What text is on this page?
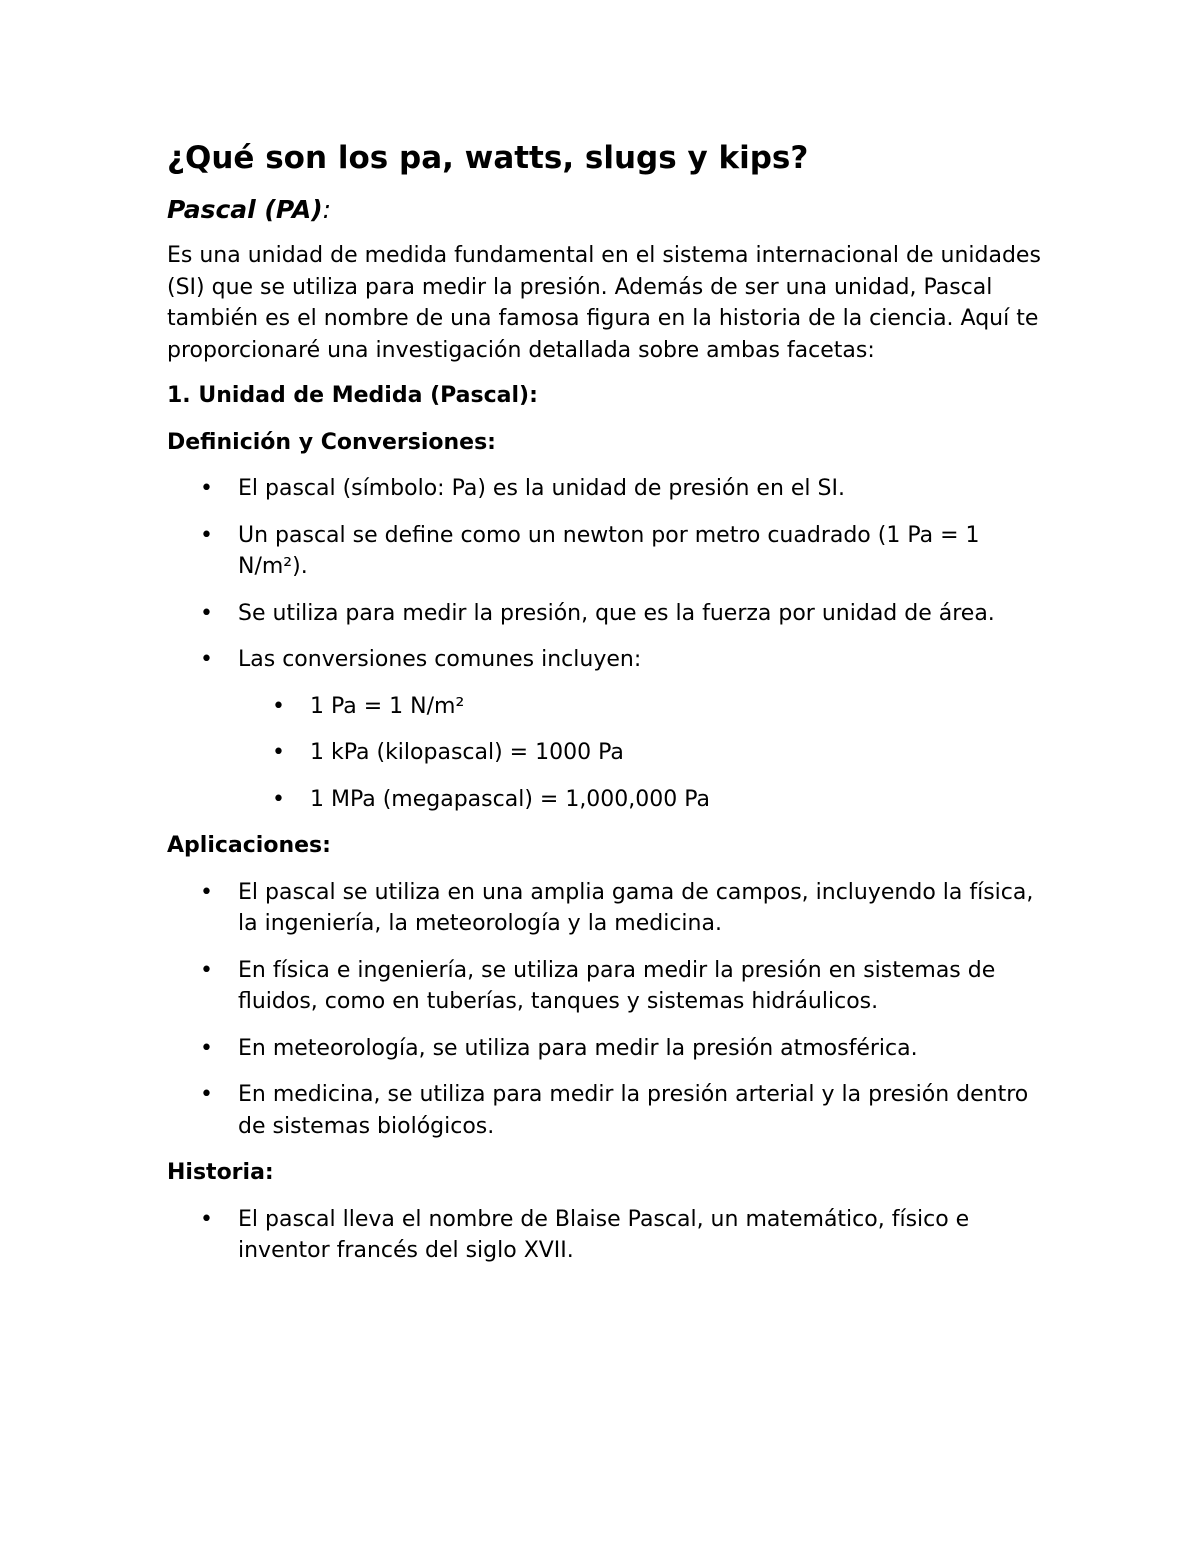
¿Qué son los pa, watts, slugs y kips?
Pascal (PA):

Es una unidad de medida fundamental en el sistema internacional de unidades (SI) que se utiliza para medir la presión. Además de ser una unidad, Pascal también es el nombre de una famosa figura en la historia de la ciencia. Aquí te proporcionaré una investigación detallada sobre ambas facetas:

1. Unidad de Medida (Pascal):
Definición y Conversiones:
• El pascal (símbolo: Pa) es la unidad de presión en el SI.
• Un pascal se define como un newton por metro cuadrado (1 Pa = 1 N/m²).
• Se utiliza para medir la presión, que es la fuerza por unidad de área.
• Las conversiones comunes incluyen:
• 1 Pa = 1 N/m²
• 1 kPa (kilopascal) = 1000 Pa
• 1 MPa (megapascal) = 1,000,000 Pa
Aplicaciones:
• El pascal se utiliza en una amplia gama de campos, incluyendo la física, la ingeniería, la meteorología y la medicina.
• En física e ingeniería, se utiliza para medir la presión en sistemas de fluidos, como en tuberías, tanques y sistemas hidráulicos.
• En meteorología, se utiliza para medir la presión atmosférica.
• En medicina, se utiliza para medir la presión arterial y la presión dentro de sistemas biológicos.
Historia:
• El pascal lleva el nombre de Blaise Pascal, un matemático, físico e inventor francés del siglo XVII.
